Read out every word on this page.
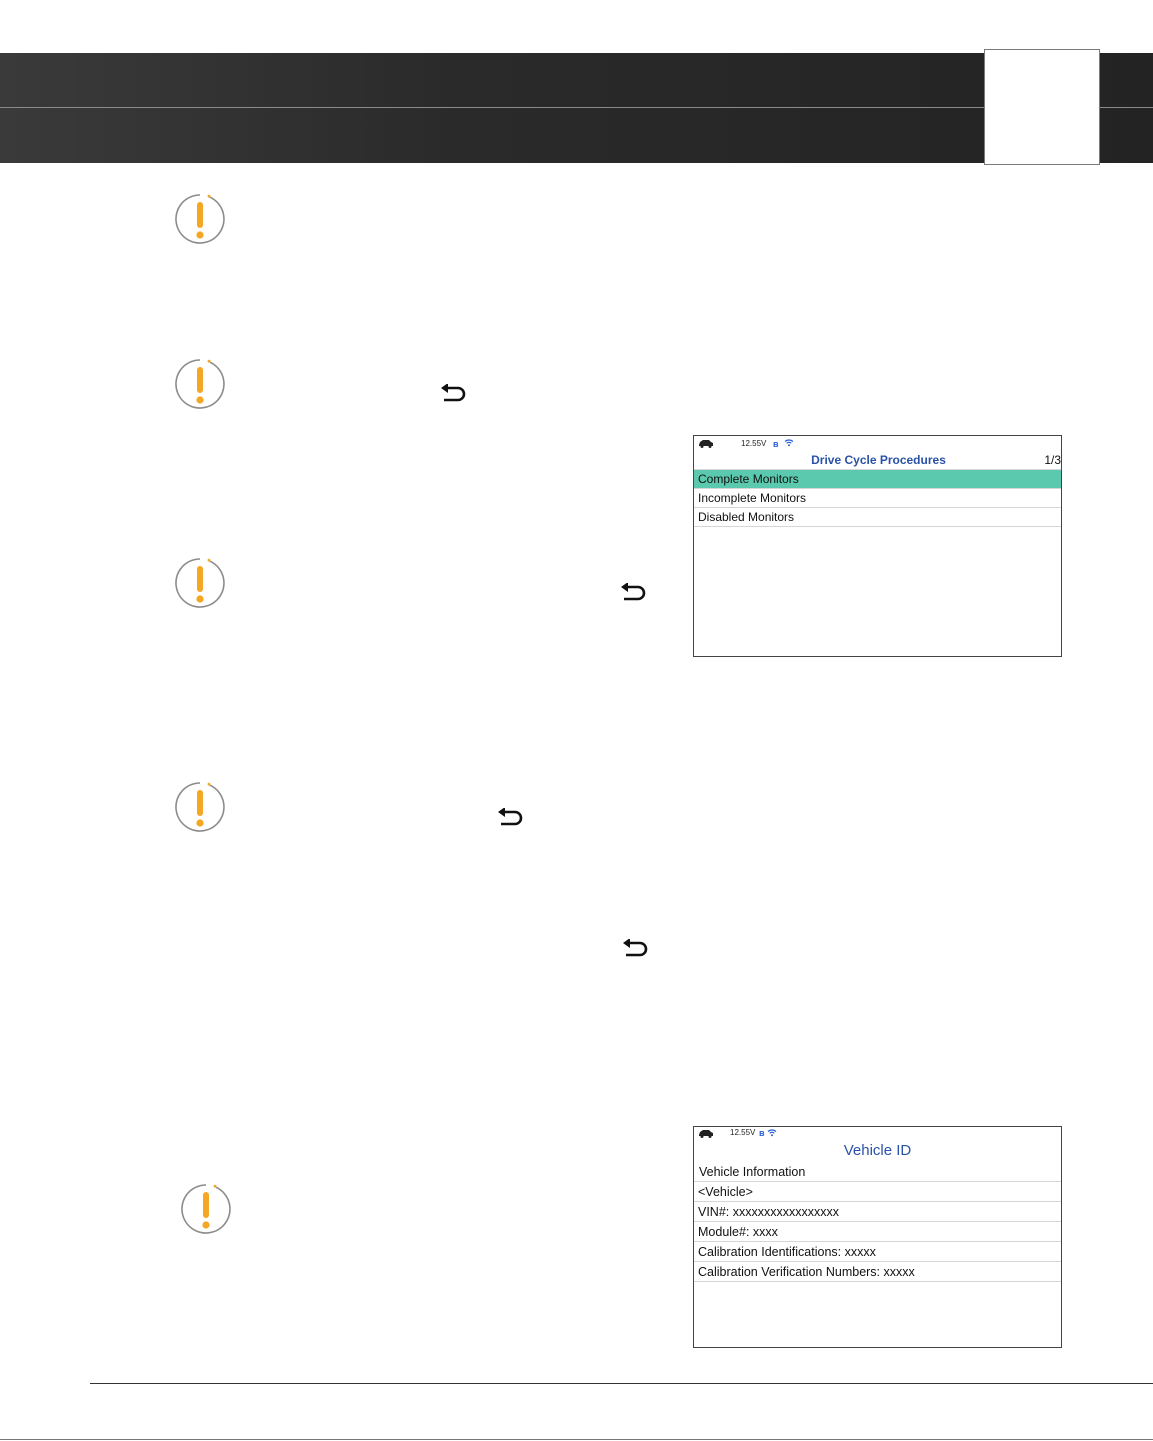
12.55V ʙ
Drive Cycle Procedures	1/3
Complete Monitors
Incomplete Monitors
Disabled Monitors
12.55V ʙ
Vehicle ID
Vehicle Information
<Vehicle>
VIN#: xxxxxxxxxxxxxxxxx
Module#: xxxx
Calibration Identifications: xxxxx
Calibration Verification Numbers: xxxxx
